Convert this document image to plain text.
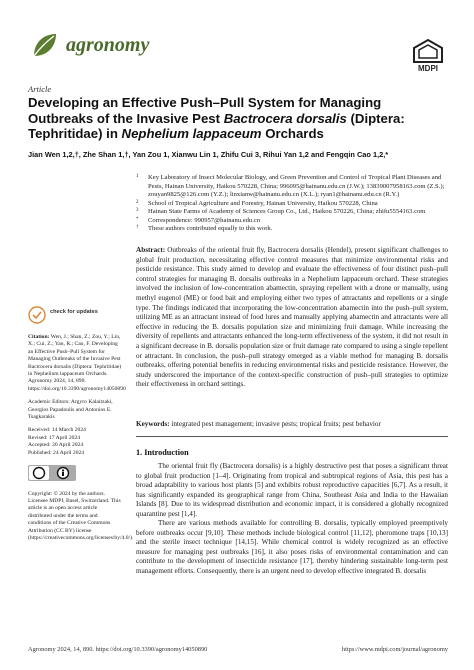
agronomy
MDPI
Article
Developing an Effective Push–Pull System for Managing Outbreaks of the Invasive Pest Bactrocera dorsalis (Diptera: Tephritidae) in Nephelium lappaceum Orchards
Jian Wen 1,2,†, Zhe Shan 1,†, Yan Zou 1, Xianwu Lin 1, Zhifu Cui 3, Rihui Yan 1,2 and Fengqin Cao 1,2,*
1 Key Laboratory of Insect Molecular Biology, and Green Prevention and Control of Tropical Plant Diseases and Pests, Hainan University, Haikou 570228, China; 996095@hainanu.edu.cn (J.W.); 13839007958163.com (Z.S.); zouyan9825@126.com (Y.Z.); linxianw@hainanu.edu.cn (X.L.); ryan1@hainanu.edu.cn (R.Y.)
2 School of Tropical Agriculture and Forestry, Hainan University, Haikou 570228, China
3 Hainan State Farms of Academy of Sciences Group Co., Ltd., Haikou 570226, China; zhifu5554163.com
* Correspondence: 990957@hainanu.edu.cn
† These authors contributed equally to this work.
Abstract: Outbreaks of the oriental fruit fly, Bactrocera dorsalis (Hendel), present significant challenges to global fruit production, necessitating effective control measures that minimize environmental risks and pesticide resistance. This study aimed to develop and evaluate the effectiveness of four distinct push–pull control strategies for managing B. dorsalis outbreaks in a Nephelium lappaceum orchard. These strategies involved the inclusion of low-concentration abamectin, spraying repellent with a drone or manually, using methyl eugenol (ME) or food bait and employing either two types of attractants and repellents or a single type. The findings indicated that incorporating the low-concentration abamectin into the push–pull system, utilizing ME as an attractant instead of food lures and manually applying abamectin and attractants were all effective in reducing the B. dorsalis population size and minimizing fruit damage. While increasing the diversity of repellents and attractants enhanced the long-term effectiveness of the system, it did not result in a significant decrease in B. dorsalis population size or fruit damage rate compared to using a single repellent or attractant. In conclusion, the push–pull strategy emerged as a viable method for managing B. dorsalis outbreaks, offering potential benefits in reducing environmental risks and pesticide resistance. However, the study underscored the importance of the context-specific construction of push–pull strategies to optimize their effectiveness in orchard settings.
Keywords: integrated pest management; invasive pests; tropical fruits; pest behavior
1. Introduction

The oriental fruit fly (Bactrocera dorsalis) is a highly destructive pest that poses a significant threat to global fruit production [1–4]. Originating from tropical and subtropical regions of Asia, this pest has a broad adaptability to various host plants [5] and exhibits robust reproductive capacities [6,7]. As a result, it has significantly expanded its geographical range from China, Southeast Asia and India to the Hawaiian Islands [8]. Due to its widespread distribution and economic impact, it is considered a globally recognized quarantine pest [1,4].

There are various methods available for controlling B. dorsalis, typically employed preemptively before outbreaks occur [9,10]. These methods include biological control [11,12], pheromone traps [10,13] and the sterile insect technique [14,15]. While chemical control is widely recognized as an effective measure for managing pest outbreaks [16], it also poses risks of environmental contamination and can contribute to the development of insecticide resistance [17], thereby hindering sustainable long-term pest management efforts. Consequently, there is an urgent need to develop effective integrated B. dorsalis

check for updates
Citation: Wen, J.; Shan, Z.; Zou, Y.; Lin, X.; Cui, Z.; Yan, R.; Cao, F. Developing an Effective Push–Pull System for Managing Outbreaks of the Invasive Pest Bactrocera dorsalis (Diptera: Tephritidae) in Nephelium lappaceum Orchards. Agronomy 2024, 14, 890. https://doi.org/10.3390/agronomy14050890
Academic Editors: Argyro Kalaitzaki, Georgios Papadoulis and Antonios E. Tsagkarakis
Received: 14 March 2024
Revised: 17 April 2024
Accepted: 20 April 2024
Published: 24 April 2024
Copyright: © 2024 by the authors. Licensee MDPI, Basel, Switzerland. This article is an open access article distributed under the terms and conditions of the Creative Commons Attribution (CC BY) license (https://creativecommons.org/licenses/by/4.0/).
Agronomy 2024, 14, 890. https://doi.org/10.3390/agronomy14050890	https://www.mdpi.com/journal/agronomy
